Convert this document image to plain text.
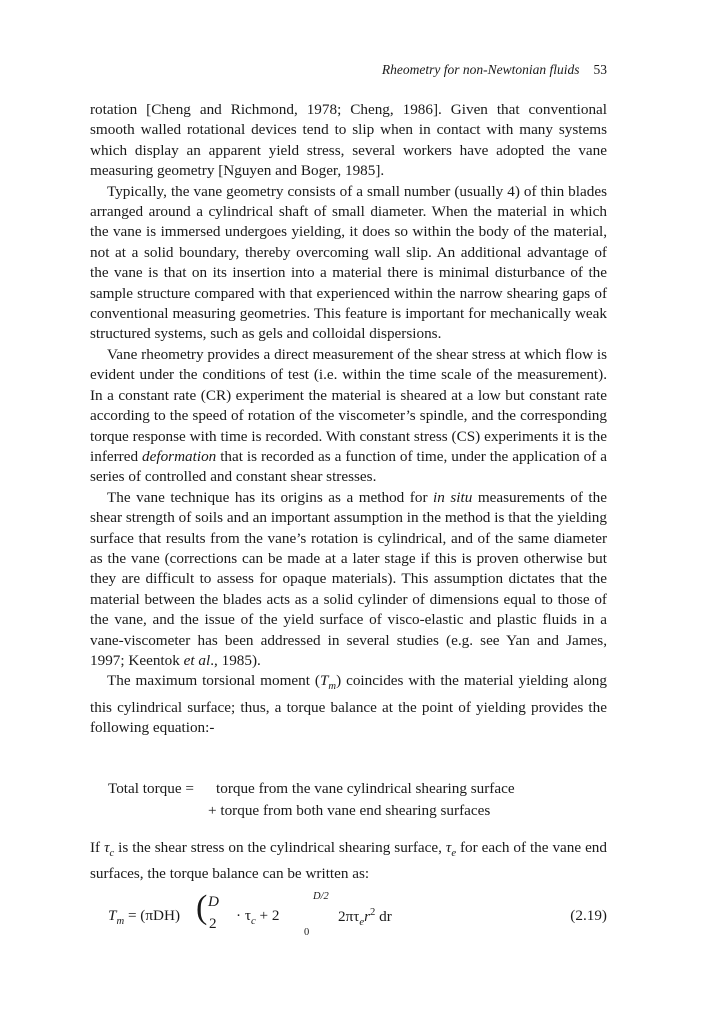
Rheometry for non-Newtonian fluids 53

rotation [Cheng and Richmond, 1978; Cheng, 1986]. Given that conventional smooth walled rotational devices tend to slip when in contact with many systems which display an apparent yield stress, several workers have adopted the vane measuring geometry [Nguyen and Boger, 1985].

Typically, the vane geometry consists of a small number (usually 4) of thin blades arranged around a cylindrical shaft of small diameter. When the material in which the vane is immersed undergoes yielding, it does so within the body of the material, not at a solid boundary, thereby overcoming wall slip. An additional advantage of the vane is that on its insertion into a material there is minimal disturbance of the sample structure compared with that experienced within the narrow shearing gaps of conventional measuring geometries. This feature is important for mechanically weak structured systems, such as gels and colloidal dispersions.

Vane rheometry provides a direct measurement of the shear stress at which flow is evident under the conditions of test (i.e. within the time scale of the measurement). In a constant rate (CR) experiment the material is sheared at a low but constant rate according to the speed of rotation of the viscometer’s spindle, and the corresponding torque response with time is recorded. With constant stress (CS) experiments it is the inferred deformation that is recorded as a function of time, under the application of a series of controlled and constant shear stresses.

The vane technique has its origins as a method for in situ measurements of the shear strength of soils and an important assumption in the method is that the yielding surface that results from the vane’s rotation is cylindrical, and of the same diameter as the vane (corrections can be made at a later stage if this is proven otherwise but they are difficult to assess for opaque materials). This assumption dictates that the material between the blades acts as a solid cylinder of dimensions equal to those of the vane, and the issue of the yield surface of visco-elastic and plastic fluids in a vane-viscometer has been addressed in several studies (e.g. see Yan and James, 1997; Keentok et al., 1985).

The maximum torsional moment $(T_m)$ coincides with the material yielding along this cylindrical surface; thus, a torque balance at the point of yielding provides the following equation:-

Total torque = torque from the vane cylindrical shearing surface
+ torque from both vane end shearing surfaces

If $\tau_c$ is the shear stress on the cylindrical shearing surface, $\tau_e$ for each of the vane end surfaces, the torque balance can be written as:

$T_m = (\pi DH)$ ( D
$2 \cdot \tau_c + 2$
D/2
0
$2\pi\tau_er^2$ dr	(2.19)
